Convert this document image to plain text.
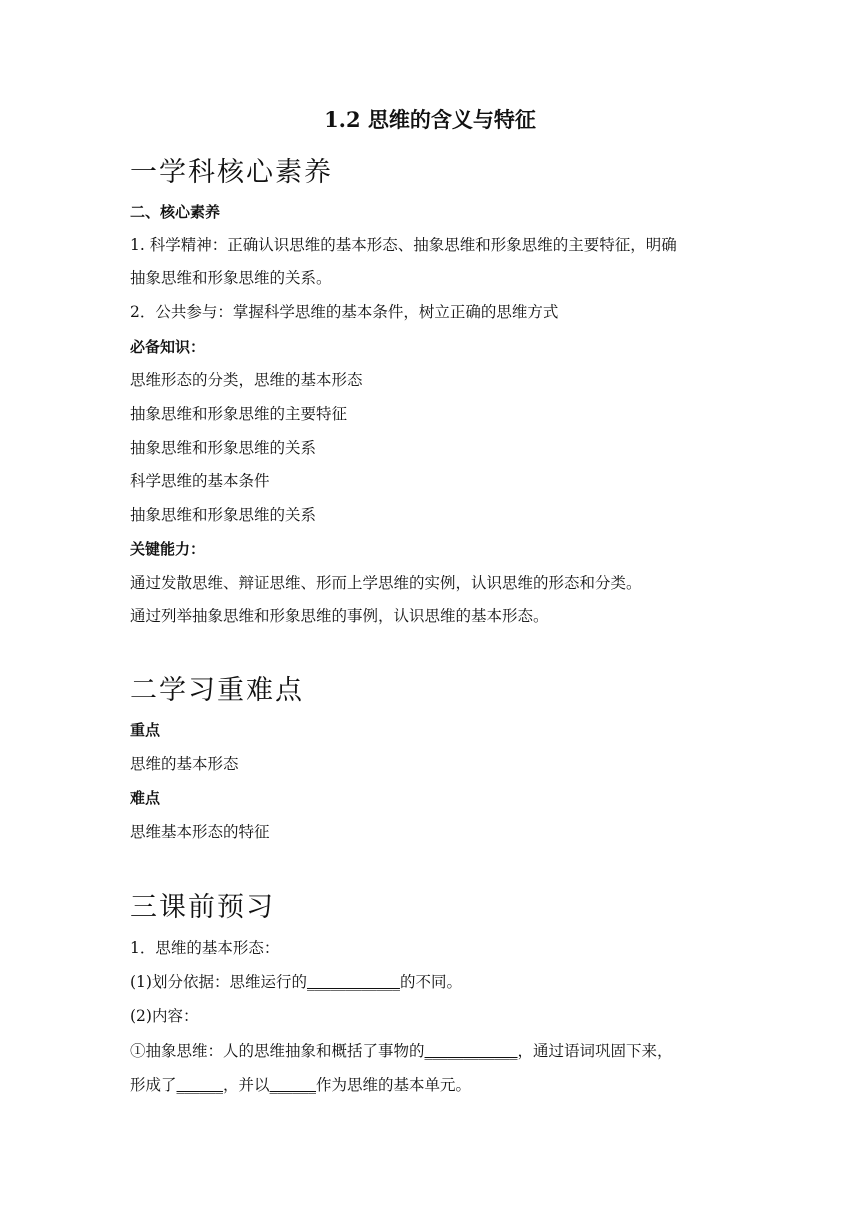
1.2 思维的含义与特征
一学科核心素养
二、核心素养
1. 科学精神：正确认识思维的基本形态、抽象思维和形象思维的主要特征，明确
抽象思维和形象思维的关系。
2．公共参与：掌握科学思维的基本条件，树立正确的思维方式
必备知识：
思维形态的分类，思维的基本形态
抽象思维和形象思维的主要特征
抽象思维和形象思维的关系
科学思维的基本条件
抽象思维和形象思维的关系
关键能力：
通过发散思维、辩证思维、形而上学思维的实例，认识思维的形态和分类。
通过列举抽象思维和形象思维的事例，认识思维的基本形态。
二学习重难点
重点
思维的基本形态
难点
思维基本形态的特征
三课前预习
1．思维的基本形态：
(1)划分依据：思维运行的____________的不同。
(2)内容：
①抽象思维：人的思维抽象和概括了事物的____________，通过语词巩固下来，
形成了______，并以______作为思维的基本单元。
